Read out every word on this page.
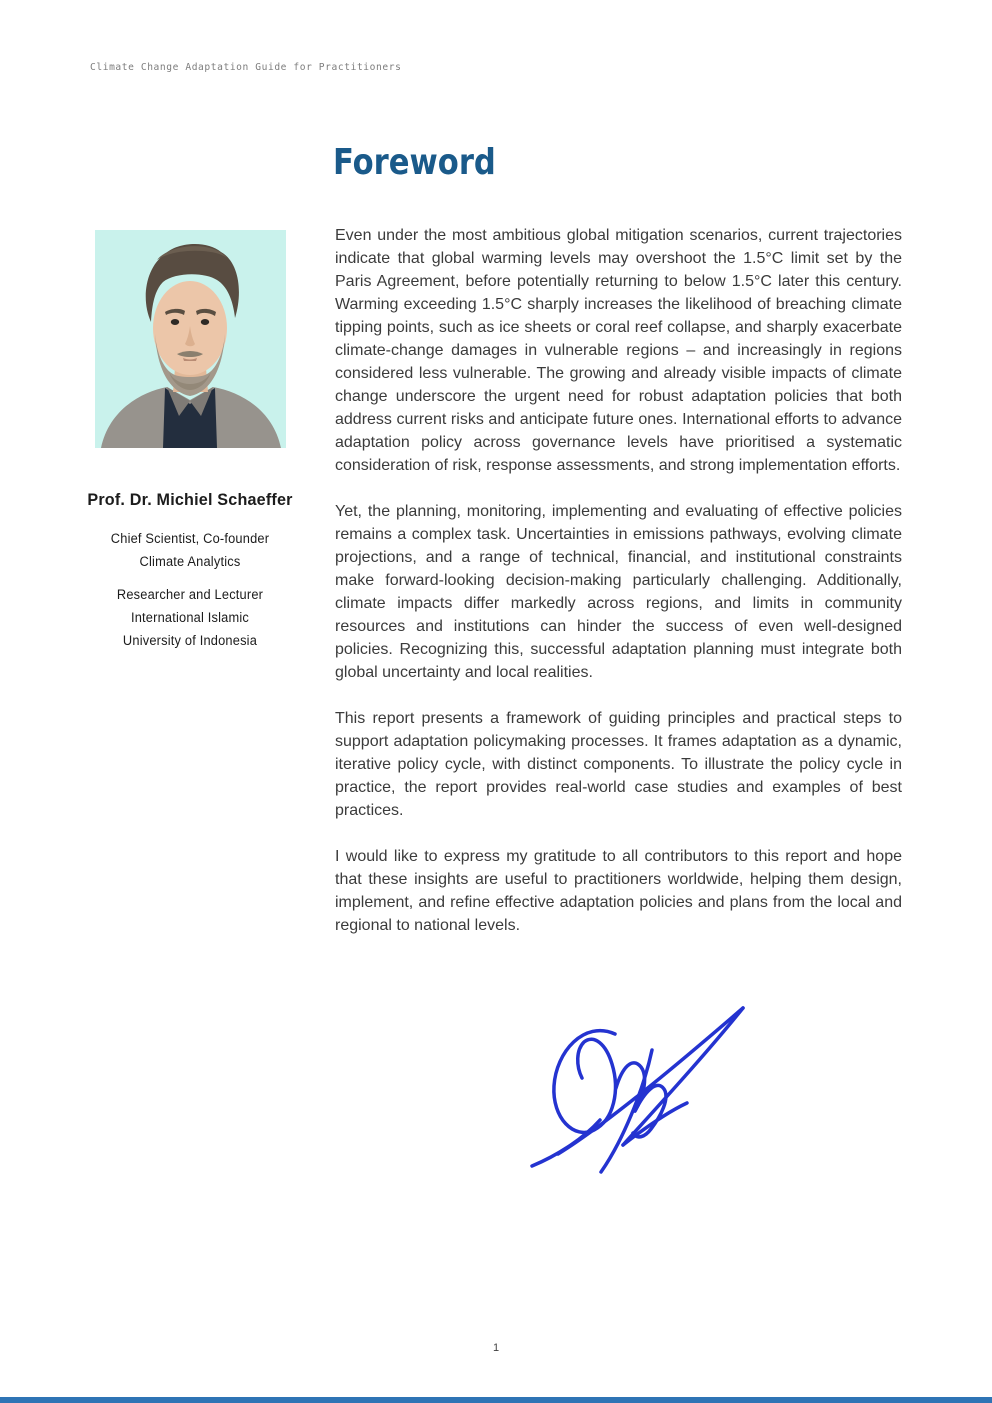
Climate Change Adaptation Guide for Practitioners
Foreword
Prof. Dr. Michiel Schaeffer
Chief Scientist, Co-founder
Climate Analytics
Researcher and Lecturer
International Islamic
University of Indonesia

Even under the most ambitious global mitigation scenarios, current trajectories indicate that global warming levels may overshoot the 1.5°C limit set by the Paris Agreement, before potentially returning to below 1.5°C later this century. Warming exceeding 1.5°C sharply increases the likelihood of breaching climate tipping points, such as ice sheets or coral reef collapse, and sharply exacerbate climate-change damages in vulnerable regions – and increasingly in regions considered less vulnerable. The growing and already visible impacts of climate change underscore the urgent need for robust adaptation policies that both address current risks and anticipate future ones. International efforts to advance adaptation policy across governance levels have prioritised a systematic consideration of risk, response assessments, and strong implementation efforts.

Yet, the planning, monitoring, implementing and evaluating of effective policies remains a complex task. Uncertainties in emissions pathways, evolving climate projections, and a range of technical, financial, and institutional constraints make forward-looking decision-making particularly challenging. Additionally, climate impacts differ markedly across regions, and limits in community resources and institutions can hinder the success of even well-designed policies. Recognizing this, successful adaptation planning must integrate both global uncertainty and local realities.

This report presents a framework of guiding principles and practical steps to support adaptation policymaking processes. It frames adaptation as a dynamic, iterative policy cycle, with distinct components. To illustrate the policy cycle in practice, the report provides real-world case studies and examples of best practices.

I would like to express my gratitude to all contributors to this report and hope that these insights are useful to practitioners worldwide, helping them design, implement, and refine effective adaptation policies and plans from the local and regional to national levels.

1
